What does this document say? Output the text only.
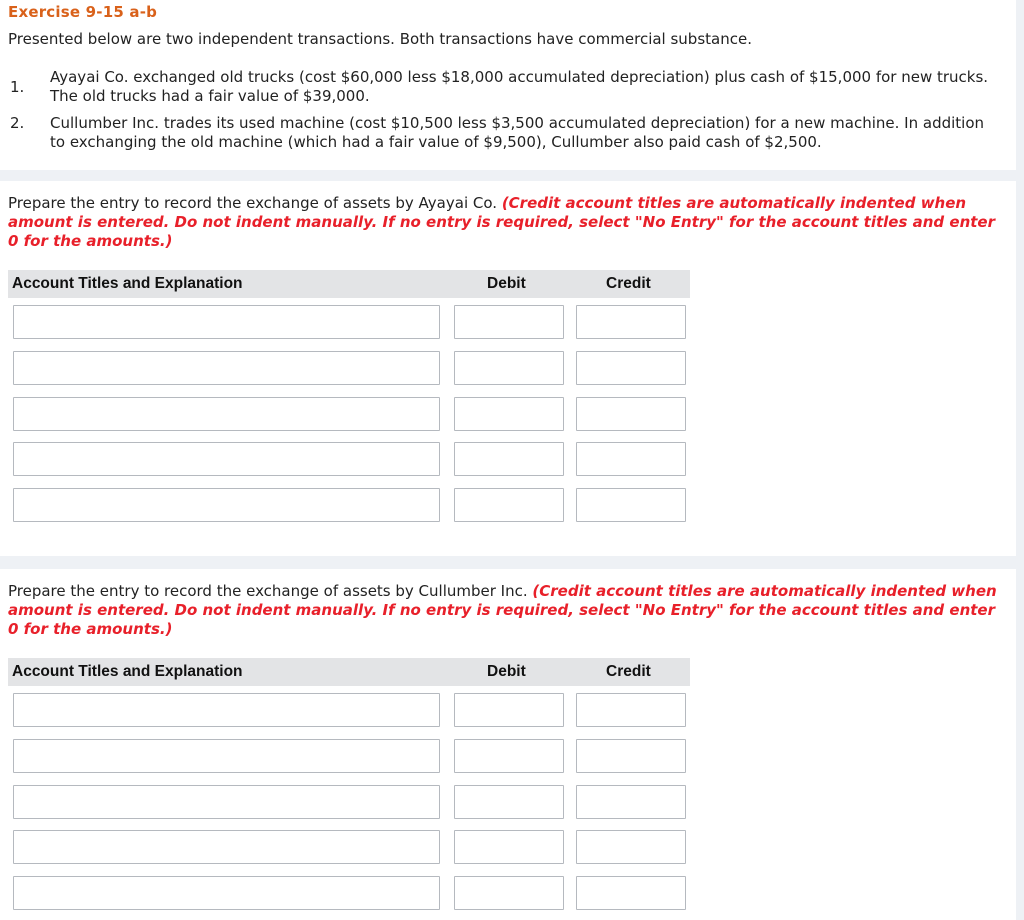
Exercise 9-15 a-b
Presented below are two independent transactions. Both transactions have commercial substance.
1.
Ayayai Co. exchanged old trucks (cost $60,000 less $18,000 accumulated depreciation) plus cash of $15,000 for new trucks. The old trucks had a fair value of $39,000.
2. Cullumber Inc. trades its used machine (cost $10,500 less $3,500 accumulated depreciation) for a new machine. In addition to exchanging the old machine (which had a fair value of $9,500), Cullumber also paid cash of $2,500.
Prepare the entry to record the exchange of assets by Ayayai Co. (Credit account titles are automatically indented when amount is entered. Do not indent manually. If no entry is required, select "No Entry" for the account titles and enter 0 for the amounts.)
Account Titles and Explanation	Debit	Credit
Prepare the entry to record the exchange of assets by Cullumber Inc. (Credit account titles are automatically indented when amount is entered. Do not indent manually. If no entry is required, select "No Entry" for the account titles and enter 0 for the amounts.)
Account Titles and Explanation	Debit	Credit
